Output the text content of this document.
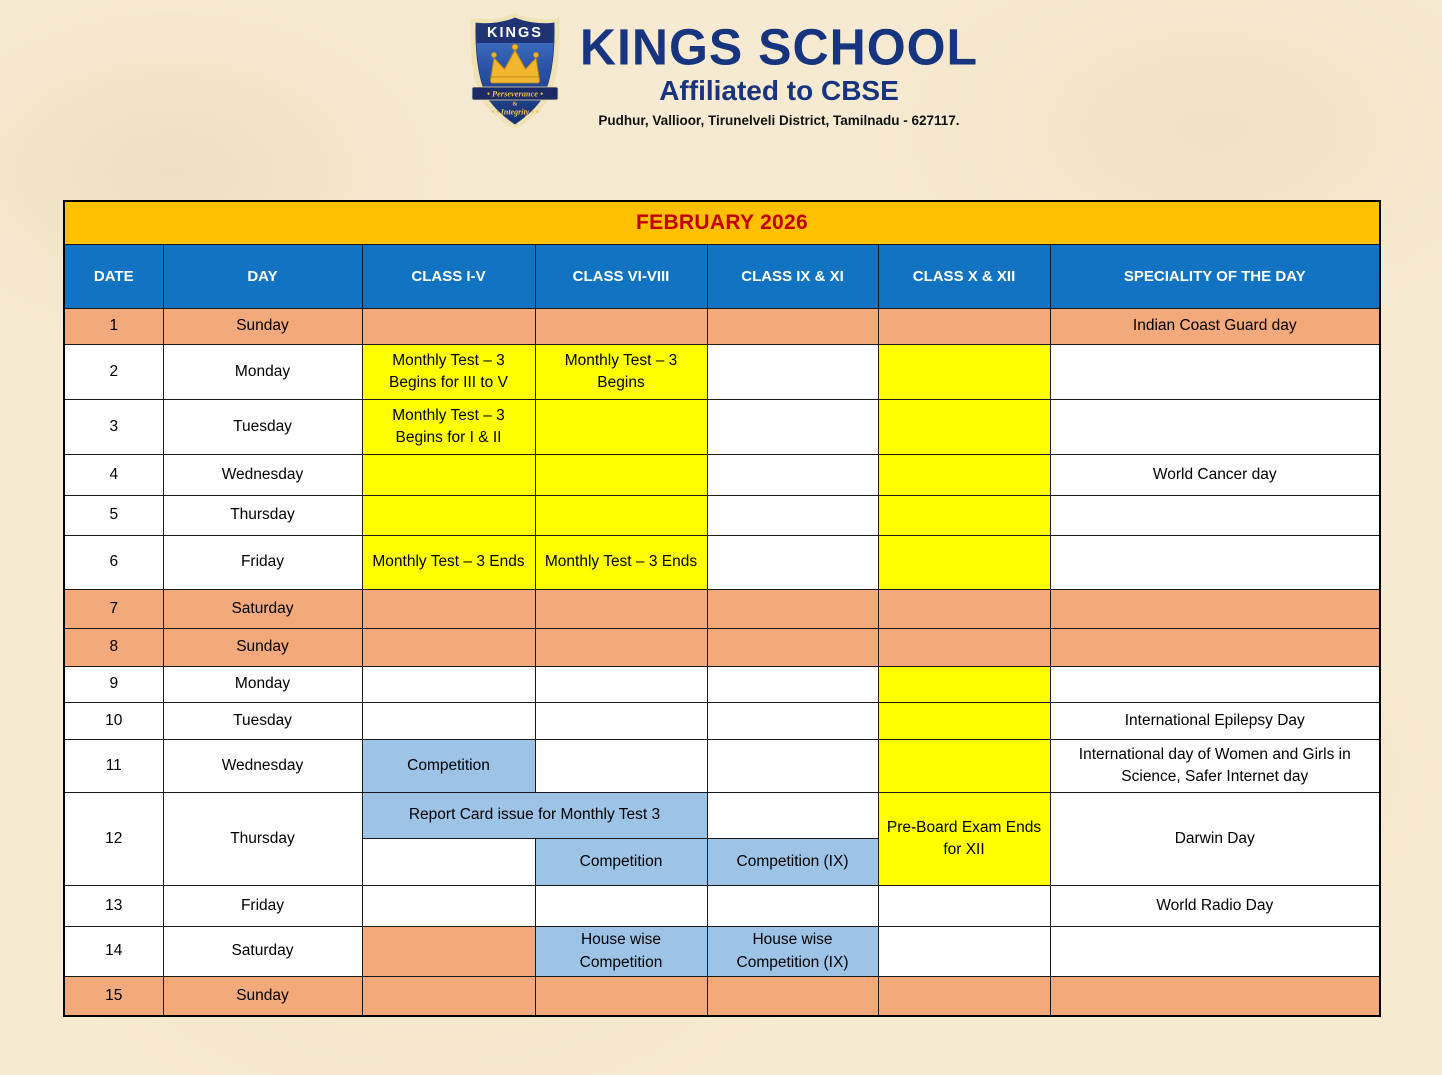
KINGS
• Perseverance •
&
• • Integrity • •
KINGS SCHOOL
Affiliated to CBSE
Pudhur, Vallioor, Tirunelveli District, Tamilnadu - 627117.
FEBRUARY 2026						
DATE	DAY	CLASS I-V	CLASS VI-VIII	CLASS IX & XI	CLASS X & XII	SPECIALITY OF THE DAY
1	Sunday					Indian Coast Guard day
2	Monday	Monthly Test – 3 Begins for III to V	Monthly Test – 3 Begins			
3	Tuesday	Monthly Test – 3 Begins for I & II				
4	Wednesday					World Cancer day
5	Thursday					
6	Friday	Monthly Test – 3 Ends	Monthly Test – 3 Ends			
7	Saturday					
8	Sunday					
9	Monday					
10	Tuesday					International Epilepsy Day
11	Wednesday	Competition				International day of Women and Girls in Science, Safer Internet day
12	Thursday	Report Card issue for Monthly Test 3			Pre-Board Exam Ends for XII	Darwin Day
			Competition	Competition (IX)		
13	Friday					World Radio Day
14	Saturday		House wise Competition	House wise Competition (IX)		
15	Sunday					
